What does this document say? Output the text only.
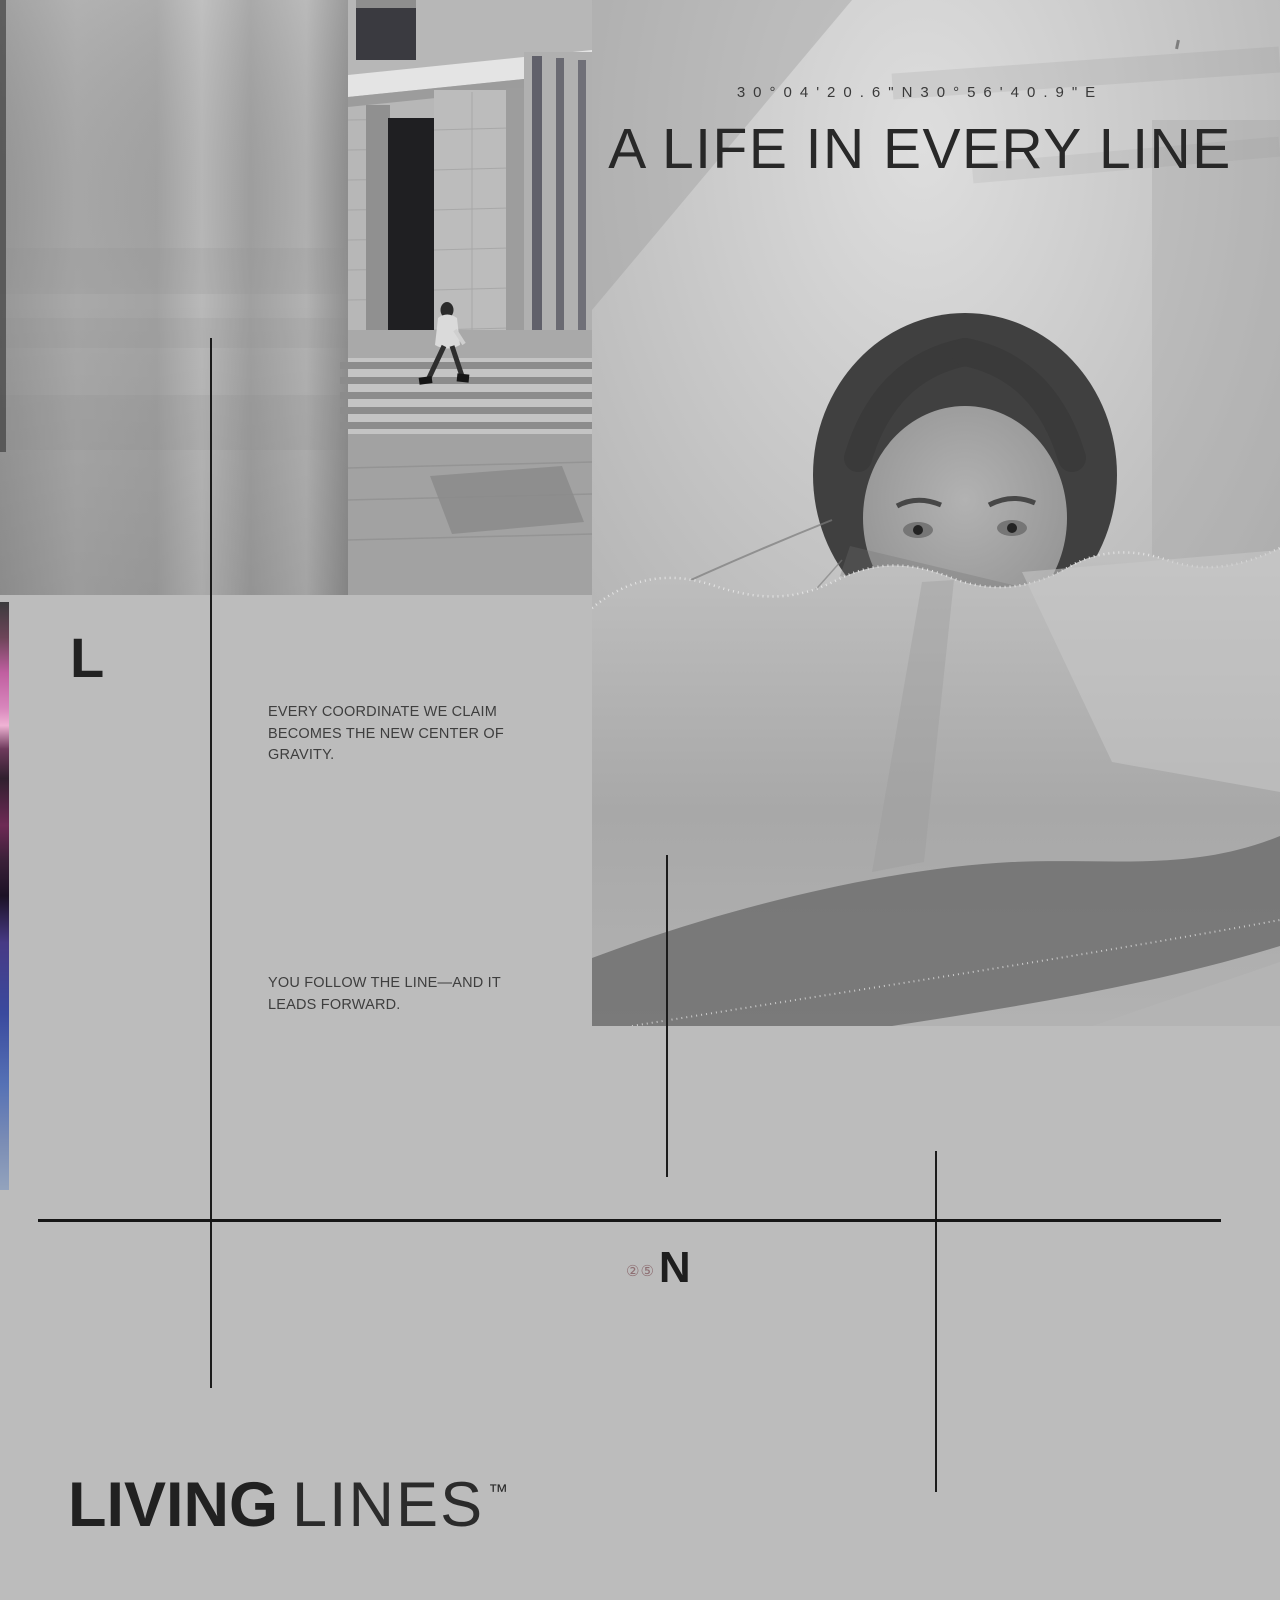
30°04'20.6"N30°56'40.9"E
A LIFE IN EVERY LINE
L
EVERY COORDINATE WE CLAIM
BECOMES THE NEW CENTER OF
GRAVITY.
YOU FOLLOW THE LINE—AND IT
LEADS FORWARD.
②⑤ N
LIVING LINES ™
